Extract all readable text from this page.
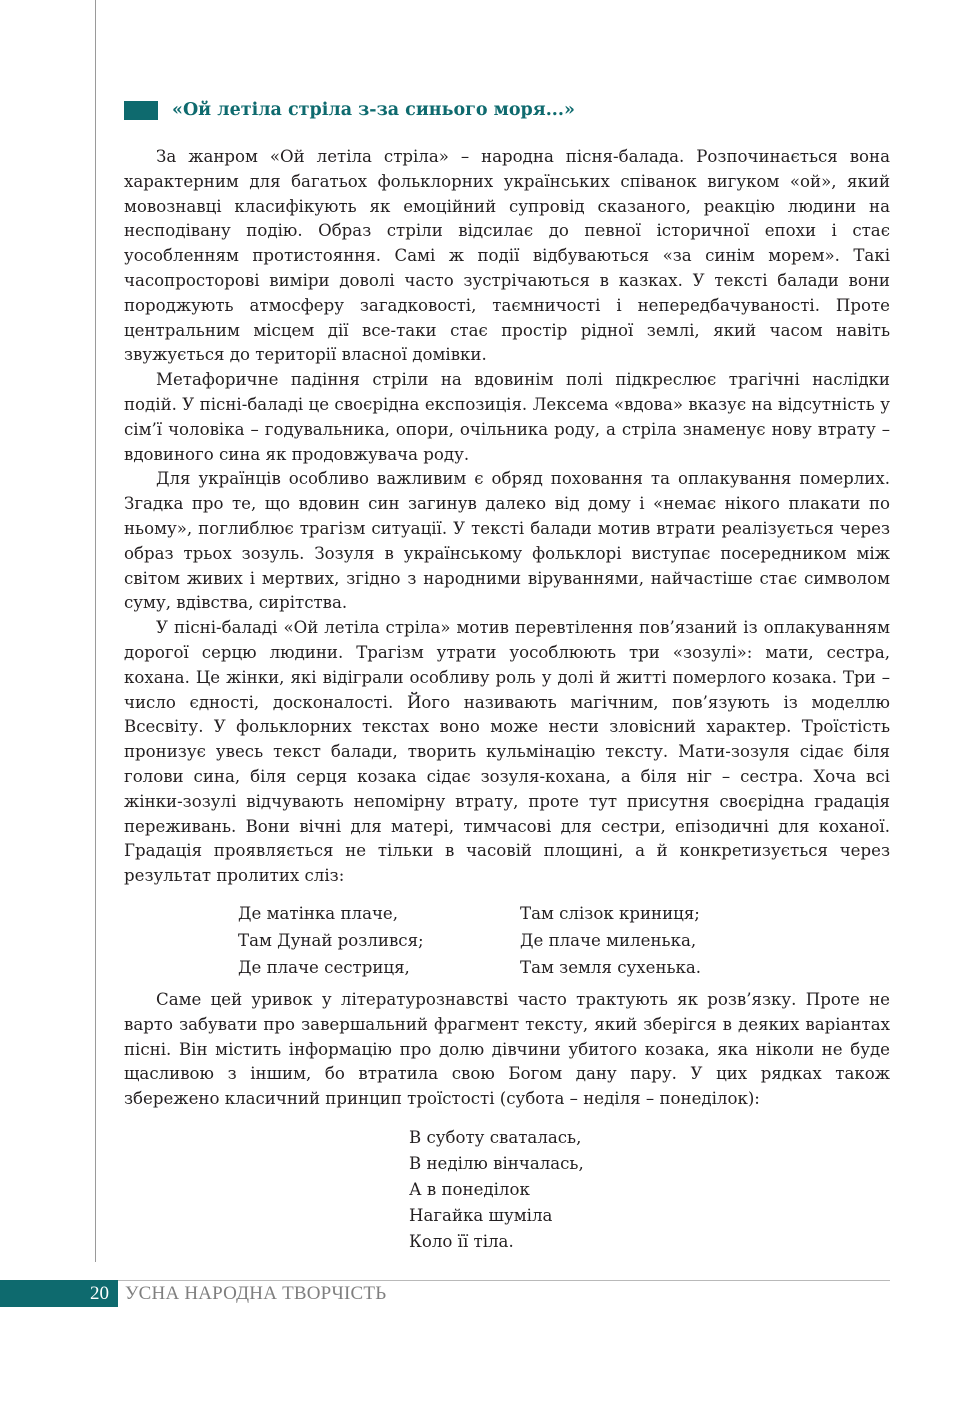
«Ой летіла стріла з-за синього моря...»

За жанром «Ой летіла стріла» – народна пісня-балада. Розпочинається вона характерним для багатьох фольклорних українських співанок вигуком «ой», який мовознавці класифікують як емоційний супровід сказаного, реакцію людини на несподівану подію. Образ стріли відсилає до певної історичної епохи і стає уособленням протистояння. Самі ж події відбуваються «за синім морем». Такі часопросторові виміри доволі часто зустрічаються в казках. У тексті балади вони породжують атмосферу загадковості, таємничості і непередбачуваності. Проте центральним місцем дії все-таки стає простір рідної землі, який часом навіть звужується до території власної домівки.

Метафоричне падіння стріли на вдовинім полі підкреслює трагічні наслідки подій. У пісні-баладі це своєрідна експозиція. Лексема «вдова» вказує на відсутність у сім’ї чоловіка – годувальника, опори, очільника роду, а стріла знаменує нову втрату – вдовиного сина як продовжувача роду.

Для українців особливо важливим є обряд поховання та оплакування померлих. Згадка про те, що вдовин син загинув далеко від дому і «немає нікого плакати по ньому», поглиблює трагізм ситуації. У тексті балади мотив втрати реалізується через образ трьох зозуль. Зозуля в українському фольклорі виступає посередником між світом живих і мертвих, згідно з народними віруваннями, найчастіше стає символом суму, вдівства, сирітства.

У пісні-баладі «Ой летіла стріла» мотив перевтілення пов’язаний із оплакуванням дорогої серцю людини. Трагізм утрати уособлюють три «зозулі»: мати, сестра, кохана. Це жінки, які відіграли особливу роль у долі й житті померлого козака. Три – число єдності, досконалості. Його називають магічним, пов’язують із моделлю Всесвіту. У фольклорних текстах воно може нести зловісний характер. Троїстість пронизує увесь текст балади, творить кульмінацію тексту. Мати-зозуля сідає біля голови сина, біля серця козака сідає зозуля-кохана, а біля ніг – сестра. Хоча всі жінки-зозулі відчувають непомірну втрату, проте тут присутня своєрідна градація переживань. Вони вічні для матері, тимчасові для сестри, епізодичні для коханої. Градація проявляється не тільки в часовій площині, а й конкретизується через результат пролитих сліз:

Де матінка плаче,
Там Дунай розлився;
Де плаче сестриця,
Там слізок криниця;
Де плаче миленька,
Там земля сухенька.

Саме цей уривок у літературознавстві часто трактують як розв’язку. Проте не варто забувати про завершальний фрагмент тексту, який зберігся в деяких варіантах пісні. Він містить інформацію про долю дівчини убитого козака, яка ніколи не буде щасливою з іншим, бо втратила свою Богом дану пару. У цих рядках також збережено класичний принцип троїстості (субота – неділя – понеділок):

В суботу сваталась,
В неділю вінчалась,
А в понеділок
Нагайка шуміла
Коло її тіла.
20 УСНА НАРОДНА ТВОРЧІСТЬ
